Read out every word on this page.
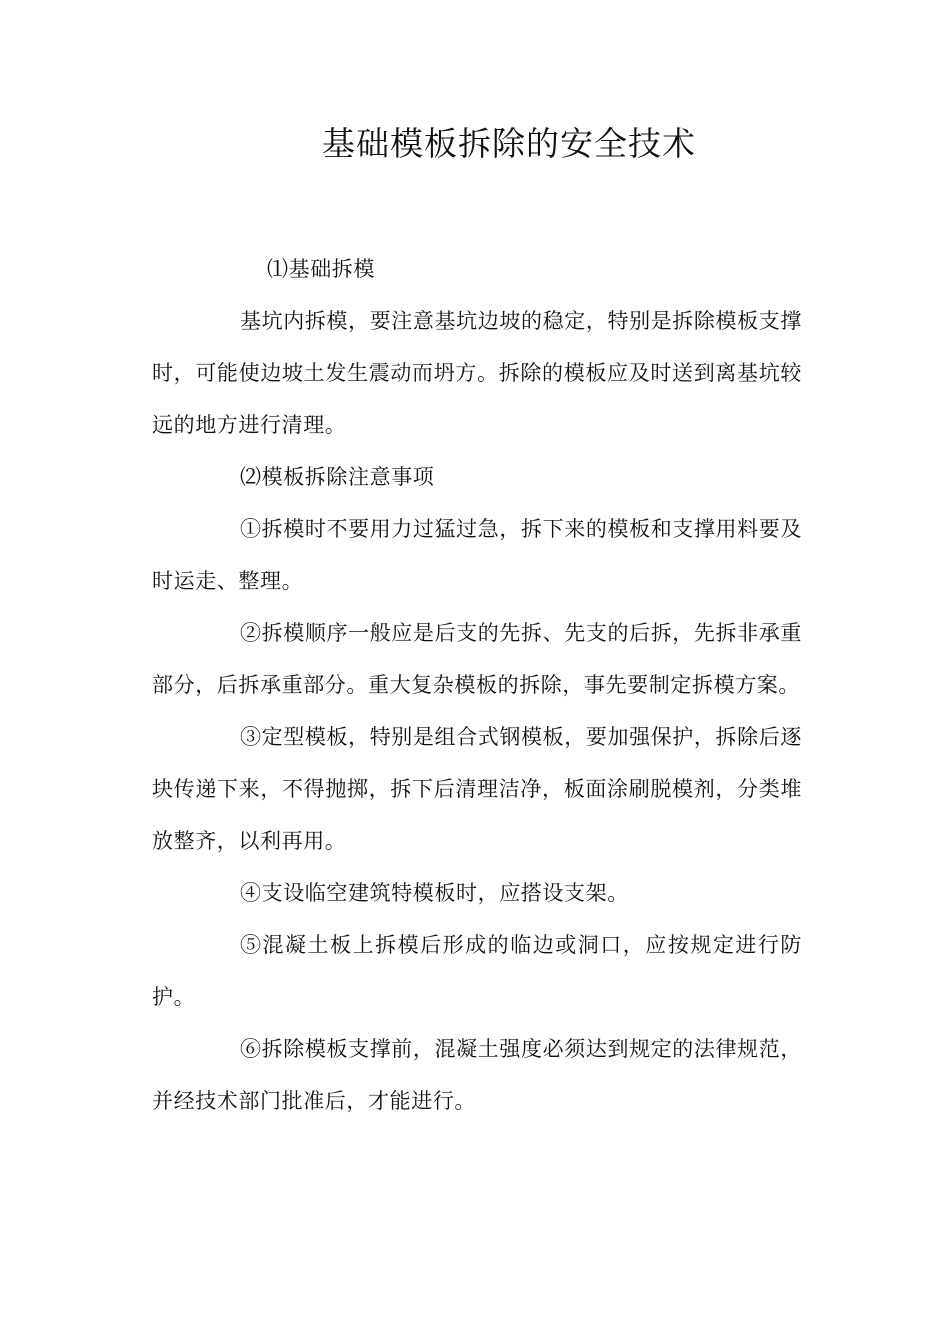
基础模板拆除的安全技术

⑴基础拆模

基坑内拆模，要注意基坑边坡的稳定，特别是拆除模板支撑时，可能使边坡土发生震动而坍方。拆除的模板应及时送到离基坑较远的地方进行清理。

⑵模板拆除注意事项

①拆模时不要用力过猛过急，拆下来的模板和支撑用料要及时运走、整理。

②拆模顺序一般应是后支的先拆、先支的后拆，先拆非承重部分，后拆承重部分。重大复杂模板的拆除，事先要制定拆模方案。

③定型模板，特别是组合式钢模板，要加强保护，拆除后逐块传递下来，不得抛掷，拆下后清理洁净，板面涂刷脱模剂，分类堆放整齐，以利再用。

④支设临空建筑特模板时，应搭设支架。

⑤混凝土板上拆模后形成的临边或洞口，应按规定进行防护。

⑥拆除模板支撑前，混凝土强度必须达到规定的法律规范，并经技术部门批准后，才能进行。
